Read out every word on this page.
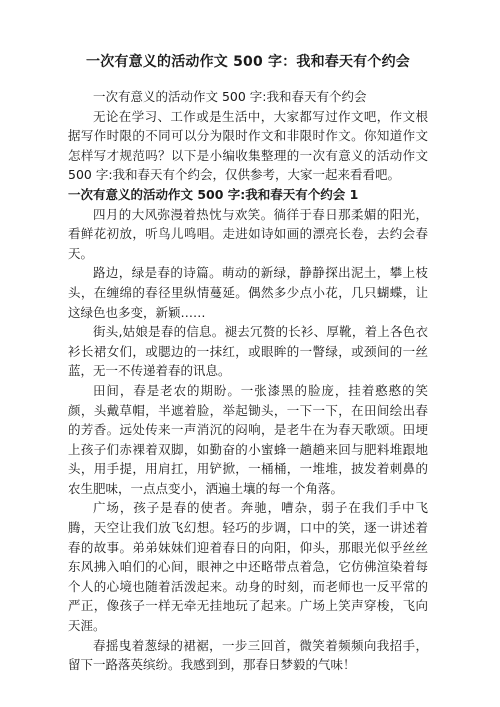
一次有意义的活动作文 500 字：我和春天有个约会

一次有意义的活动作文 500 字:我和春天有个约会

无论在学习、工作或是生活中，大家都写过作文吧，作文根据写作时限的不同可以分为限时作文和非限时作文。你知道作文怎样写才规范吗？以下是小编收集整理的一次有意义的活动作文 500 字:我和春天有个约会，仅供参考，大家一起来看看吧。

一次有意义的活动作文 500 字:我和春天有个约会 1

四月的大风弥漫着热忱与欢笑。徜徉于春日那柔媚的阳光，看鲜花初放，听鸟儿鸣唱。走进如诗如画的漂亮长卷，去约会春天。

路边，绿是春的诗篇。萌动的新绿，静静探出泥土，攀上枝头，在缠绵的春径里纵情蔓延。偶然多少点小花，几只蝴蝶，让这绿色也多变，新颖……

街头,姑娘是春的信息。褪去冗赘的长衫、厚靴，着上各色衣衫长裙女们，或腮边的一抹红，或眼眸的一瞥绿，或颈间的一丝蓝，无一不传递着春的讯息。

田间，春是老农的期盼。一张漆黑的脸庞，挂着憨憨的笑颜，头戴草帽，半遮着脸，举起锄头，一下一下，在田间绘出春的芳香。远处传来一声消沉的闷响，是老牛在为春天歌颂。田埂上孩子们赤裸着双脚，如勤奋的小蜜蜂一趟趟来回与肥料堆跟地头，用手提，用肩扛，用铲掀，一桶桶，一堆堆，披发着刺鼻的农生肥味，一点点变小，洒遍土壤的每一个角落。

广场，孩子是春的使者。奔驰，嘈杂，弱子在我们手中飞腾，天空让我们放飞幻想。轻巧的步调，口中的笑，逐一讲述着春的故事。弟弟妹妹们迎着春日的向阳，仰头，那眼光似乎丝丝东风拂入咱们的心间，眼神之中还略带点着急，它仿佛渲染着每个人的心境也随着活泼起来。动身的时刻，而老师也一反平常的严正，像孩子一样无牵无挂地玩了起来。广场上笑声穿梭，飞向天涯。

春摇曳着葱绿的裙裾，一步三回首，微笑着频频向我招手，留下一路落英缤纷。我感到到，那春日梦毅的气味！
